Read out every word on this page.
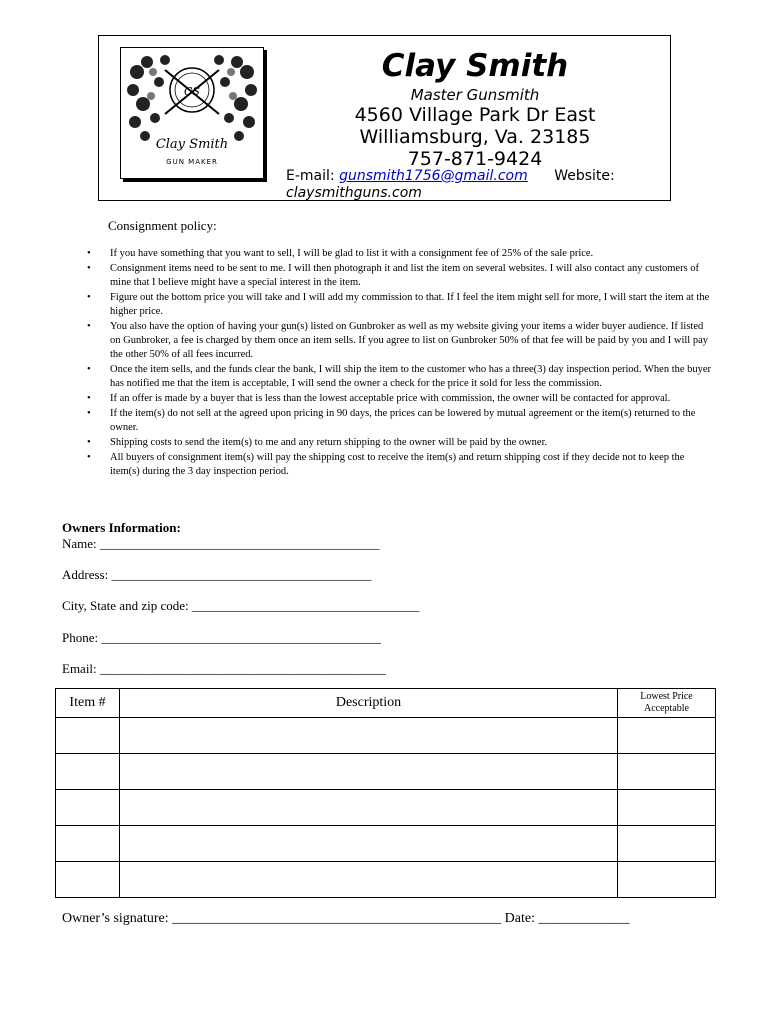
CS
Clay Smith
GUN MAKER
Clay Smith
Master Gunsmith
4560 Village Park Dr East
Williamsburg, Va. 23185
757-871-9424
E-mail: gunsmith1756@gmail.com Website:
claysmithguns.com
Consignment policy:
• If you have something that you want to sell, I will be glad to list it with a consignment fee of 25% of the sale price.
• Consignment items need to be sent to me. I will then photograph it and list the item on several websites. I will also contact any customers of mine that I believe might have a special interest in the item.
• Figure out the bottom price you will take and I will add my commission to that. If I feel the item might sell for more, I will start the item at the higher price.
• You also have the option of having your gun(s) listed on Gunbroker as well as my website giving your items a wider buyer audience. If listed on Gunbroker, a fee is charged by them once an item sells. If you agree to list on Gunbroker 50% of that fee will be paid by you and I will pay the other 50% of all fees incurred.
• Once the item sells, and the funds clear the bank, I will ship the item to the customer who has a three(3) day inspection period. When the buyer has notified me that the item is acceptable, I will send the owner a check for the price it sold for less the commission.
• If an offer is made by a buyer that is less than the lowest acceptable price with commission, the owner will be contacted for approval.
• If the item(s) do not sell at the agreed upon pricing in 90 days, the prices can be lowered by mutual agreement or the item(s) returned to the owner.
• Shipping costs to send the item(s) to me and any return shipping to the owner will be paid by the owner.
• All buyers of consignment item(s) will pay the shipping cost to receive the item(s) and return shipping cost if they decide not to keep the item(s) during the 3 day inspection period.
Owners Information:
Name: ___________________________________________
Address: ________________________________________
City, State and zip code: ___________________________________
Phone: ___________________________________________
Email: ____________________________________________
Item #	Description	Lowest Price Acceptable

Owner’s signature: _______________________________________________ Date: _____________
